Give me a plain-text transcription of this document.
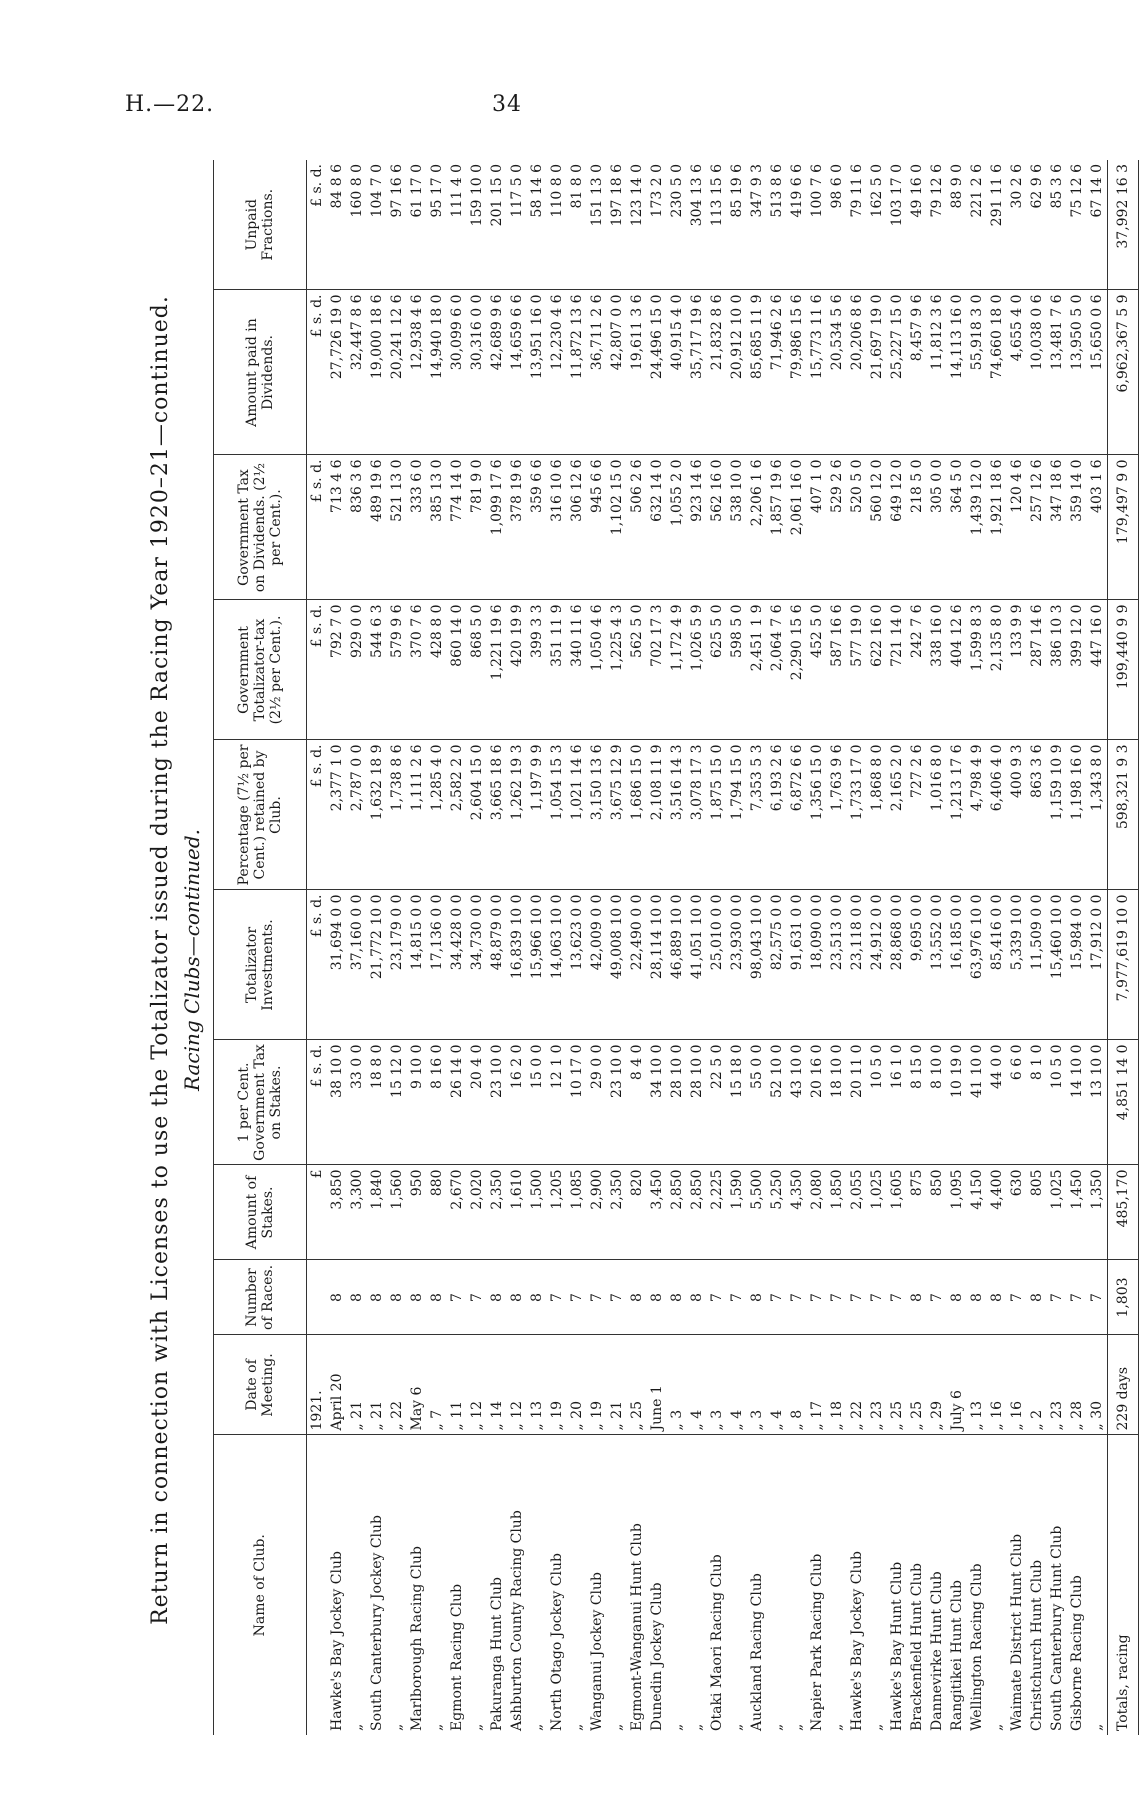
H.—22.	34
Return in connection with Licenses to use the Totalizator issued during the Racing Year 1920–21—continued. Racing Clubs—continued.
Name of Club.	Date of Meeting.	Number of Races.	Amount of Stakes.	1 per Cent. Government Tax on Stakes.	Totalizator Investments.	Percentage (7½ per Cent.) retained by Club.	Government Totalizator-tax (2½ per Cent.).	Government Tax on Dividends. (2½ per Cent.).	Amount paid in Dividends.	Unpaid Fractions.
	1921.		£	£ s. d.	£ s. d.	£ s. d.	£ s. d.	£ s. d.	£ s. d.	£ s. d.
Hawke's Bay Jockey Club	April 20	8	3,850	38 10 0	31,694 0 0	2,377 1 0	792 7 0	713 4 6	27,726 19 0	84 8 6
„	„ 21	8	3,300	33 0 0	37,160 0 0	2,787 0 0	929 0 0	836 3 6	32,447 8 6	160 8 0
South Canterbury Jockey Club	„ 21	8	1,840	18 8 0	21,772 10 0	1,632 18 9	544 6 3	489 19 6	19,000 18 6	104 7 0
„	„ 22	8	1,560	15 12 0	23,179 0 0	1,738 8 6	579 9 6	521 13 0	20,241 12 6	97 16 6
Marlborough Racing Club	May 6	8	950	9 10 0	14,815 0 0	1,111 2 6	370 7 6	333 6 0	12,938 4 6	61 17 0
„	„ 7	8	880	8 16 0	17,136 0 0	1,285 4 0	428 8 0	385 13 0	14,940 18 0	95 17 0
Egmont Racing Club	„ 11	7	2,670	26 14 0	34,428 0 0	2,582 2 0	860 14 0	774 14 0	30,099 6 0	111 4 0
„	„ 12	7	2,020	20 4 0	34,730 0 0	2,604 15 0	868 5 0	781 9 0	30,316 0 0	159 10 0
Pakuranga Hunt Club	„ 14	8	2,350	23 10 0	48,879 0 0	3,665 18 6	1,221 19 6	1,099 17 6	42,689 9 6	201 15 0
Ashburton County Racing Club	„ 12	8	1,610	16 2 0	16,839 10 0	1,262 19 3	420 19 9	378 19 6	14,659 6 6	117 5 0
„	„ 13	8	1,500	15 0 0	15,966 10 0	1,197 9 9	399 3 3	359 6 6	13,951 16 0	58 14 6
North Otago Jockey Club	„ 19	7	1,205	12 1 0	14,063 10 0	1,054 15 3	351 11 9	316 10 6	12,230 4 6	110 8 0
„	„ 20	7	1,085	10 17 0	13,623 0 0	1,021 14 6	340 11 6	306 12 6	11,872 13 6	81 8 0
Wanganui Jockey Club	„ 19	7	2,900	29 0 0	42,009 0 0	3,150 13 6	1,050 4 6	945 6 6	36,711 2 6	151 13 0
„	„ 21	7	2,350	23 10 0	49,008 10 0	3,675 12 9	1,225 4 3	1,102 15 0	42,807 0 0	197 18 6
Egmont-Wanganui Hunt Club	„ 25	8	820	8 4 0	22,490 0 0	1,686 15 0	562 5 0	506 2 6	19,611 3 6	123 14 0
Dunedin Jockey Club	June 1	8	3,450	34 10 0	28,114 10 0	2,108 11 9	702 17 3	632 14 0	24,496 15 0	173 2 0
„	„ 3	8	2,850	28 10 0	46,889 10 0	3,516 14 3	1,172 4 9	1,055 2 0	40,915 4 0	230 5 0
„	„ 4	8	2,850	28 10 0	41,051 10 0	3,078 17 3	1,026 5 9	923 14 6	35,717 19 6	304 13 6
Otaki Maori Racing Club	„ 3	7	2,225	22 5 0	25,010 0 0	1,875 15 0	625 5 0	562 16 0	21,832 8 6	113 15 6
„	„ 4	7	1,590	15 18 0	23,930 0 0	1,794 15 0	598 5 0	538 10 0	20,912 10 0	85 19 6
Auckland Racing Club	„ 3	8	5,500	55 0 0	98,043 10 0	7,353 5 3	2,451 1 9	2,206 1 6	85,685 11 9	347 9 3
„	„ 4	7	5,250	52 10 0	82,575 0 0	6,193 2 6	2,064 7 6	1,857 19 6	71,946 2 6	513 8 6
„	„ 8	7	4,350	43 10 0	91,631 0 0	6,872 6 6	2,290 15 6	2,061 16 0	79,986 15 6	419 6 6
Napier Park Racing Club	„ 17	7	2,080	20 16 0	18,090 0 0	1,356 15 0	452 5 0	407 1 0	15,773 11 6	100 7 6
„	„ 18	7	1,850	18 10 0	23,513 0 0	1,763 9 6	587 16 6	529 2 6	20,534 5 6	98 6 0
Hawke's Bay Jockey Club	„ 22	7	2,055	20 11 0	23,118 0 0	1,733 17 0	577 19 0	520 5 0	20,206 8 6	79 11 6
„	„ 23	7	1,025	10 5 0	24,912 0 0	1,868 8 0	622 16 0	560 12 0	21,697 19 0	162 5 0
Hawke's Bay Hunt Club	„ 25	7	1,605	16 1 0	28,868 0 0	2,165 2 0	721 14 0	649 12 0	25,227 15 0	103 17 0
Brackenfield Hunt Club	„ 25	8	875	8 15 0	9,695 0 0	727 2 6	242 7 6	218 5 0	8,457 9 6	49 16 0
Dannevirke Hunt Club	„ 29	7	850	8 10 0	13,552 0 0	1,016 8 0	338 16 0	305 0 0	11,812 3 6	79 12 6
Rangitikei Hunt Club	July 6	8	1,095	10 19 0	16,185 0 0	1,213 17 6	404 12 6	364 5 0	14,113 16 0	88 9 0
Wellington Racing Club	„ 13	8	4,150	41 10 0	63,976 10 0	4,798 4 9	1,599 8 3	1,439 12 0	55,918 3 0	221 2 6
„	„ 16	8	4,400	44 0 0	85,416 0 0	6,406 4 0	2,135 8 0	1,921 18 6	74,660 18 0	291 11 6
Waimate District Hunt Club	„ 16	7	630	6 6 0	5,339 10 0	400 9 3	133 9 9	120 4 6	4,655 4 0	30 2 6
Christchurch Hunt Club	„ 2	8	805	8 1 0	11,509 0 0	863 3 6	287 14 6	257 12 6	10,038 0 6	62 9 6
South Canterbury Hunt Club	„ 23	7	1,025	10 5 0	15,460 10 0	1,159 10 9	386 10 3	347 18 6	13,481 7 6	85 3 6
Gisborne Racing Club	„ 28	7	1,450	14 10 0	15,984 0 0	1,198 16 0	399 12 0	359 14 0	13,950 5 0	75 12 6
„	„ 30	7	1,350	13 10 0	17,912 0 0	1,343 8 0	447 16 0	403 1 6	15,650 0 6	67 14 0
Totals, racing	229 days	1,803	485,170	4,851 14 0	7,977,619 10 0	598,321 9 3	199,440 9 9	179,497 9 0	6,962,367 5 9	37,992 16 3
